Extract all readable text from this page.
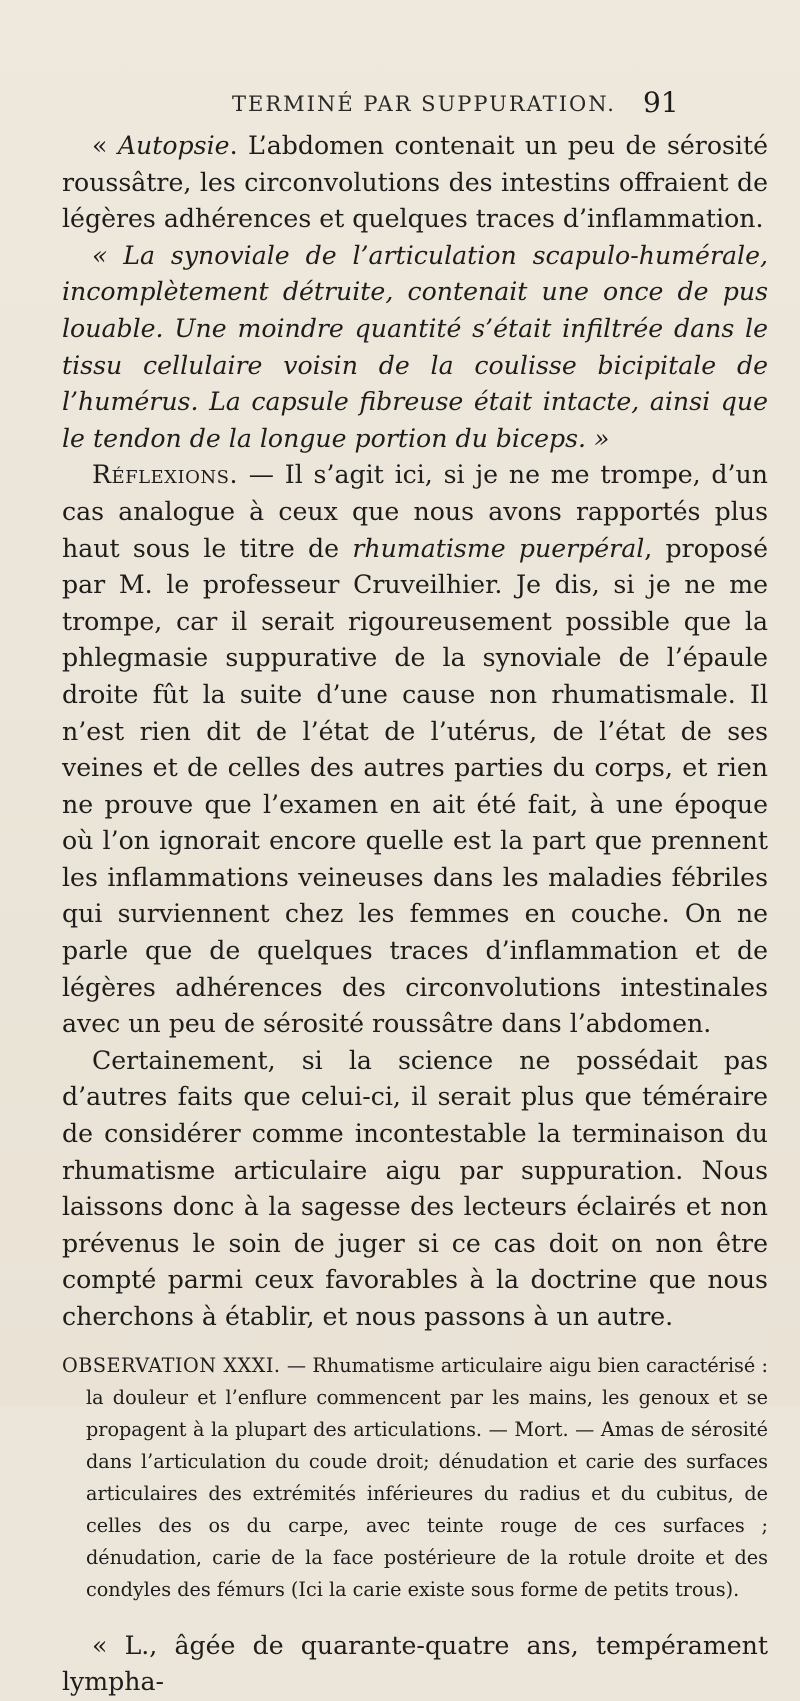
TERMINÉ PAR SUPPURATION. 91

« Autopsie. L’abdomen contenait un peu de sérosité roussâtre, les circonvolutions des intestins offraient de légères adhérences et quelques traces d’inflammation.

« La synoviale de l’articulation scapulo-humérale, incomplètement détruite, contenait une once de pus louable. Une moindre quantité s’était infiltrée dans le tissu cellulaire voisin de la coulisse bicipitale de l’humérus. La capsule fibreuse était intacte, ainsi que le tendon de la longue portion du biceps. »

Réflexions. — Il s’agit ici, si je ne me trompe, d’un cas analogue à ceux que nous avons rapportés plus haut sous le titre de rhumatisme puerpéral, proposé par M. le professeur Cruveilhier. Je dis, si je ne me trompe, car il serait rigoureusement possible que la phlegmasie suppurative de la synoviale de l’épaule droite fût la suite d’une cause non rhumatismale. Il n’est rien dit de l’état de l’utérus, de l’état de ses veines et de celles des autres parties du corps, et rien ne prouve que l’examen en ait été fait, à une époque où l’on ignorait encore quelle est la part que prennent les inflammations veineuses dans les maladies fébriles qui surviennent chez les femmes en couche. On ne parle que de quelques traces d’inflammation et de légères adhérences des circonvolutions intestinales avec un peu de sérosité roussâtre dans l’abdomen.

Certainement, si la science ne possédait pas d’autres faits que celui-ci, il serait plus que téméraire de considérer comme incontestable la terminaison du rhumatisme articulaire aigu par suppuration. Nous laissons donc à la sagesse des lecteurs éclairés et non prévenus le soin de juger si ce cas doit on non être compté parmi ceux favorables à la doctrine que nous cherchons à établir, et nous passons à un autre.

OBSERVATION XXXI. — Rhumatisme articulaire aigu bien caractérisé : la douleur et l’enflure commencent par les mains, les genoux et se propagent à la plupart des articulations. — Mort. — Amas de sérosité dans l’articulation du coude droit; dénudation et carie des surfaces articulaires des extrémités inférieures du radius et du cubitus, de celles des os du carpe, avec teinte rouge de ces surfaces ; dénudation, carie de la face postérieure de la rotule droite et des condyles des fémurs (Ici la carie existe sous forme de petits trous).

« L., âgée de quarante-quatre ans, tempérament lympha-
